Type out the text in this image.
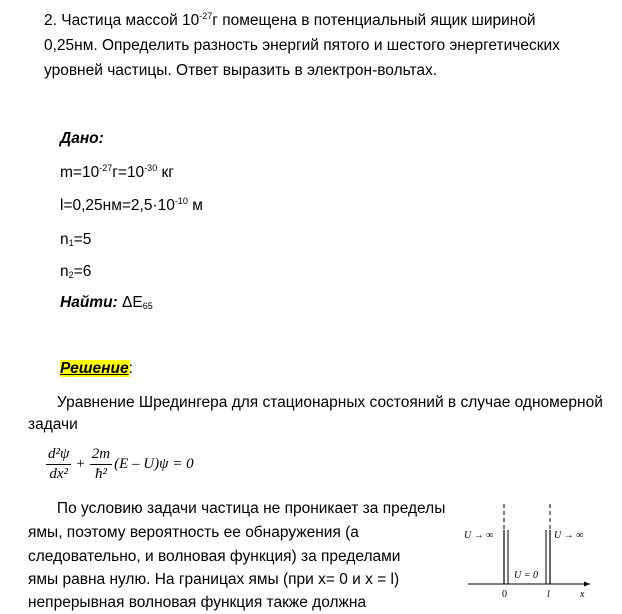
2. Частица массой $10^{-27}г$ помещена в потенциальный ящик шириной

0,25нм. Определить разность энергий пятого и шестого энергетических

уровней частицы. Ответ выразить в электрон-вольтах.

Дано:

$m=10^{-27}г=10^{-30}$ кг

$l=0,25нм=2,5\cdot 10^{-10}$ м

$n_1=5$

$n_2=6$

Найти: $\Delta E_{65}$

Решение:

Уравнение Шредингера для стационарных состояний в случае одномерной

задачи

$\frac{\text{d²ψ}}{\text{dx²}} + \frac{2m}{\text{ħ²}} (E - U)\psi = 0$

По условию задачи частица не проникает за пределы

ямы, поэтому вероятность ее обнаружения (а

следовательно, и волновая функция) за пределами

ямы равна нулю. На границах ямы (при x= 0 и x = l)

непрерывная волновая функция также должна

U → ∞	U → ∞
U = 0
0	l	x
